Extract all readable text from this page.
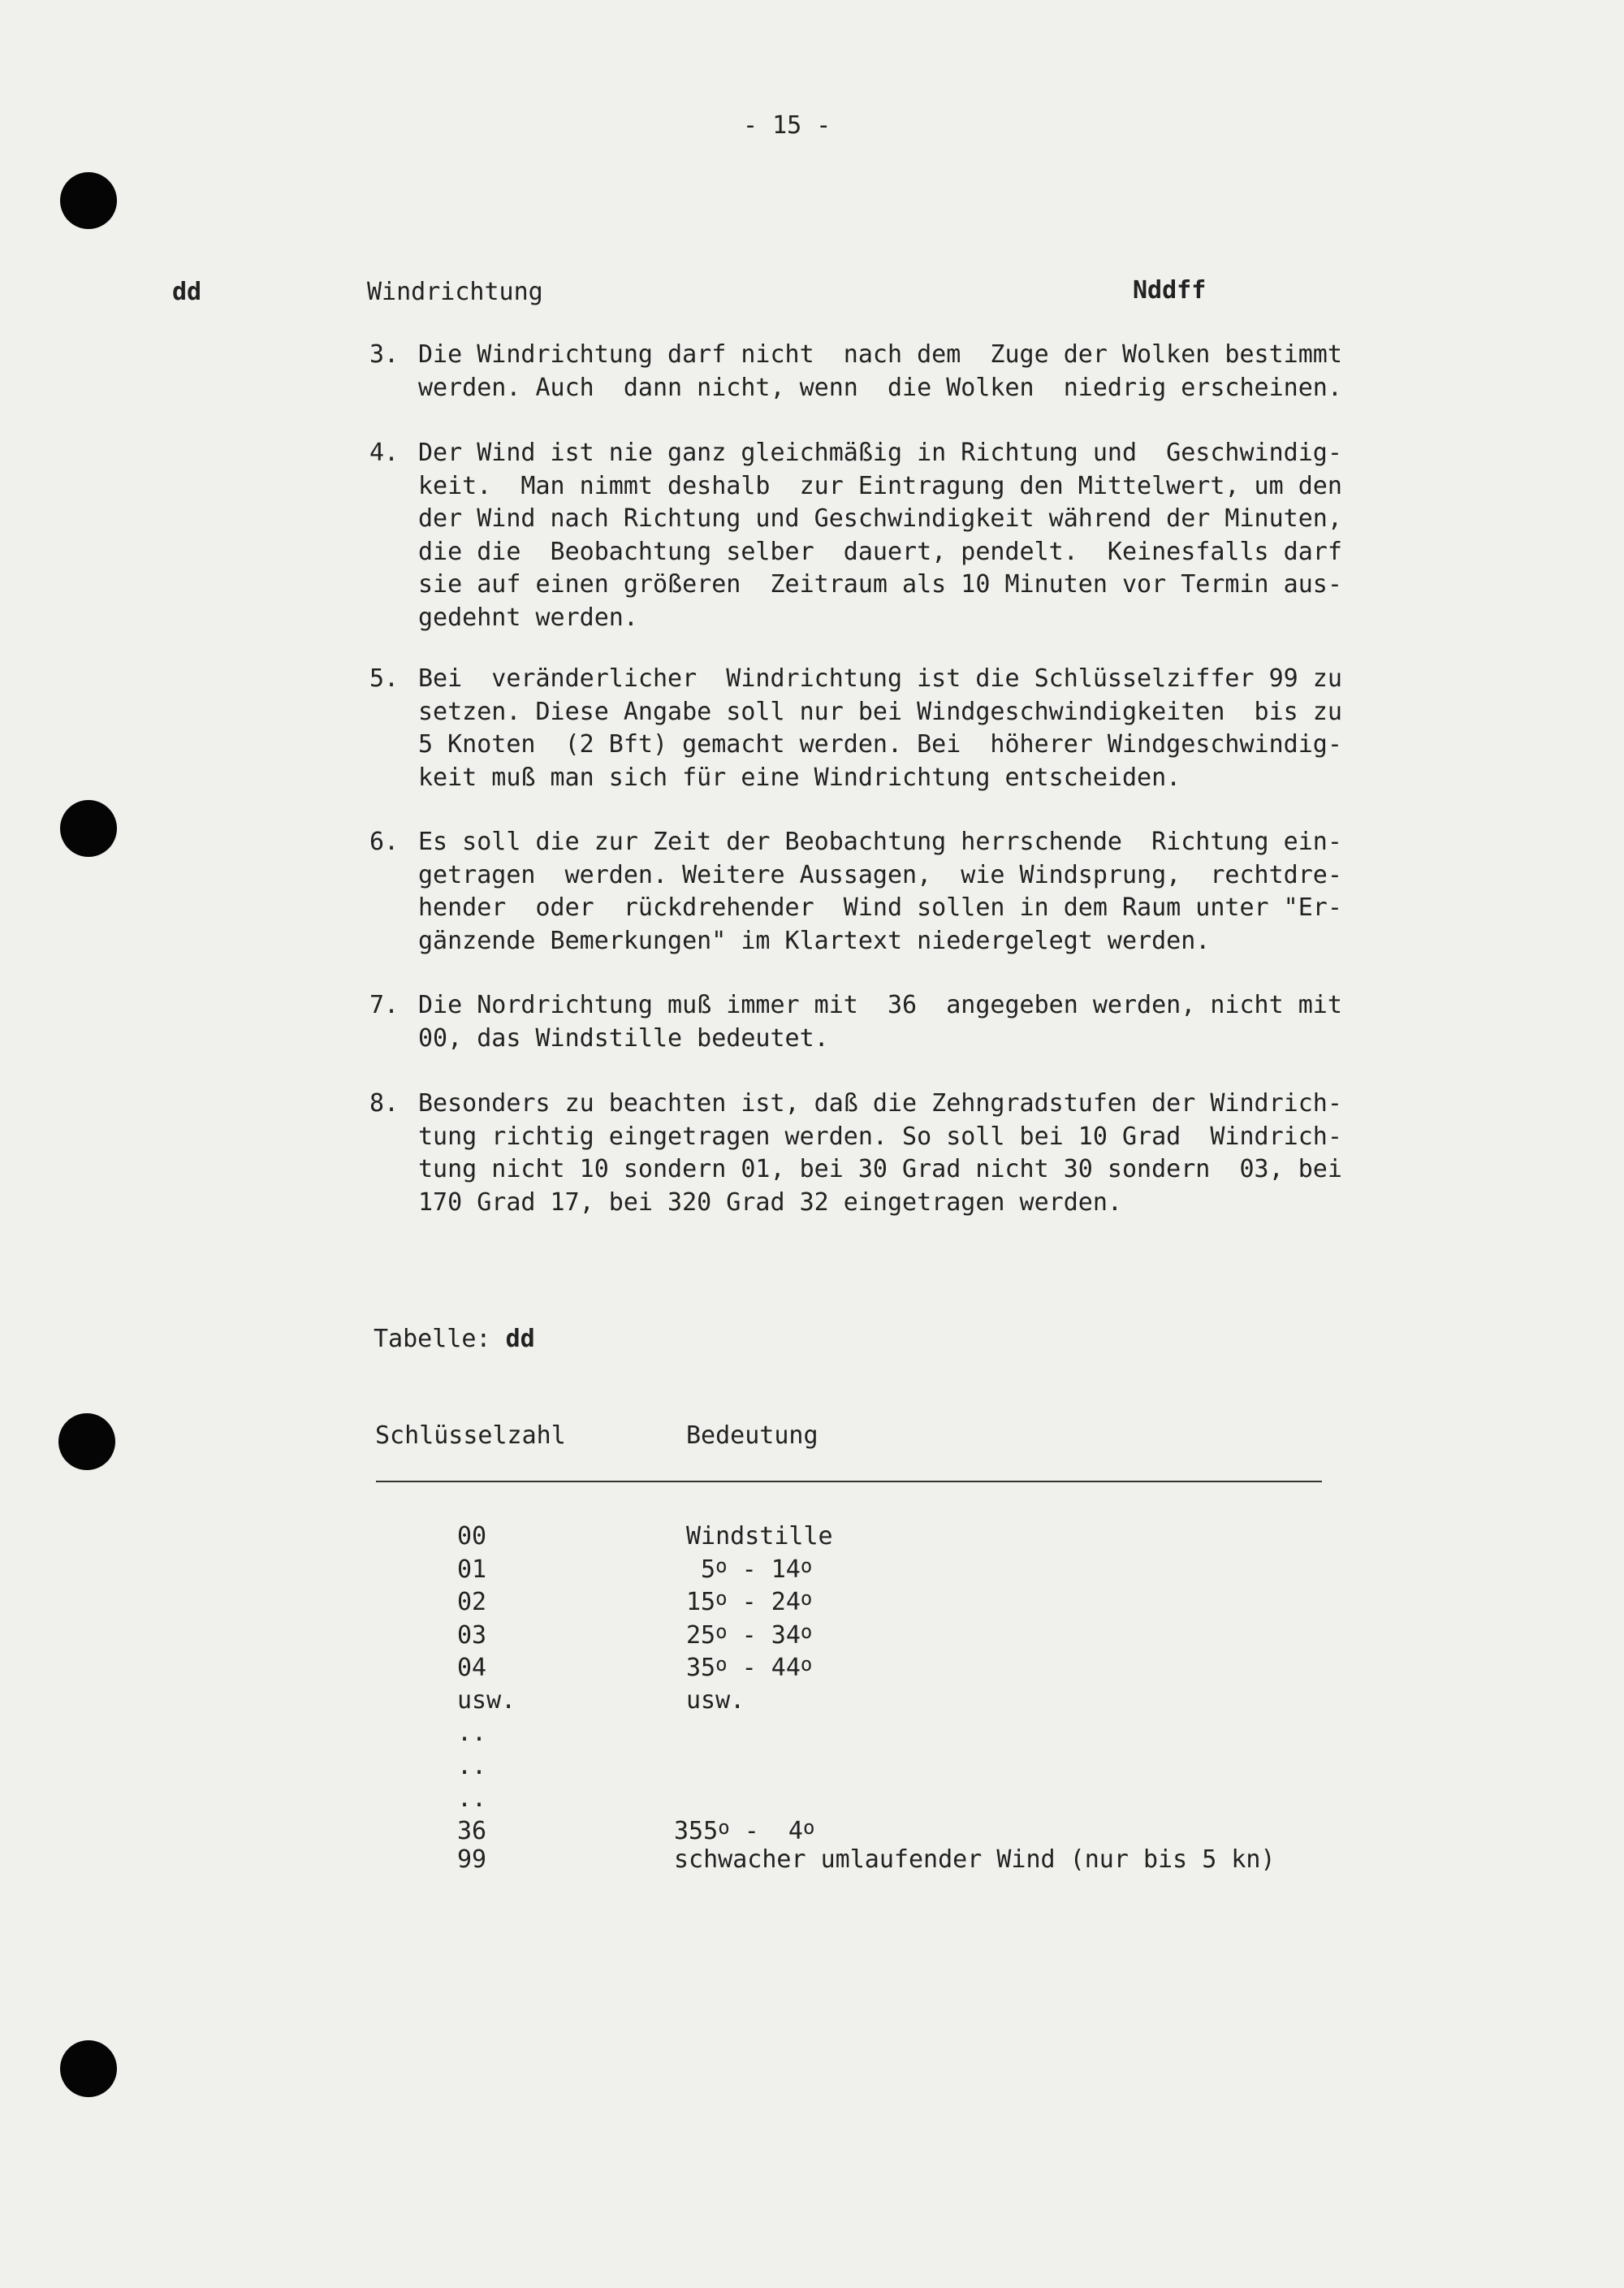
- 15 -
dd	Windrichtung	Nddff
3. Die Windrichtung darf nicht  nach dem  Zuge der Wolken bestimmt
werden. Auch  dann nicht, wenn  die Wolken  niedrig erscheinen.
4. Der Wind ist nie ganz gleichmäßig in Richtung und  Geschwindig-
keit.  Man nimmt deshalb  zur Eintragung den Mittelwert, um den
der Wind nach Richtung und Geschwindigkeit während der Minuten,
die die  Beobachtung selber  dauert, pendelt.  Keinesfalls darf
sie auf einen größeren  Zeitraum als 10 Minuten vor Termin aus-
gedehnt werden.
5. Bei  veränderlicher  Windrichtung ist die Schlüsselziffer 99 zu
setzen. Diese Angabe soll nur bei Windgeschwindigkeiten  bis zu
5 Knoten  (2 Bft) gemacht werden. Bei  höherer Windgeschwindig-
keit muß man sich für eine Windrichtung entscheiden.
6. Es soll die zur Zeit der Beobachtung herrschende  Richtung ein-
getragen  werden. Weitere Aussagen,  wie Windsprung,  rechtdre-
hender  oder  rückdrehender  Wind sollen in dem Raum unter "Er-
gänzende Bemerkungen" im Klartext niedergelegt werden.
7. Die Nordrichtung muß immer mit  36  angegeben werden, nicht mit
00, das Windstille bedeutet.
8. Besonders zu beachten ist, daß die Zehngradstufen der Windrich-
tung richtig eingetragen werden. So soll bei 10 Grad  Windrich-
tung nicht 10 sondern 01, bei 30 Grad nicht 30 sondern  03, bei
170 Grad 17, bei 320 Grad 32 eingetragen werden.
Tabelle: dd
Schlüsselzahl	Bedeutung
00	Windstille
01	5$^o$ - 14$^o$
02	15$^o$ - 24$^o$
03	25$^o$ - 34$^o$
04	35$^o$ - 44$^o$
usw.	usw.
..
..
..
36	355$^o$ -  4$^o$
99	schwacher umlaufender Wind (nur bis 5 kn)
